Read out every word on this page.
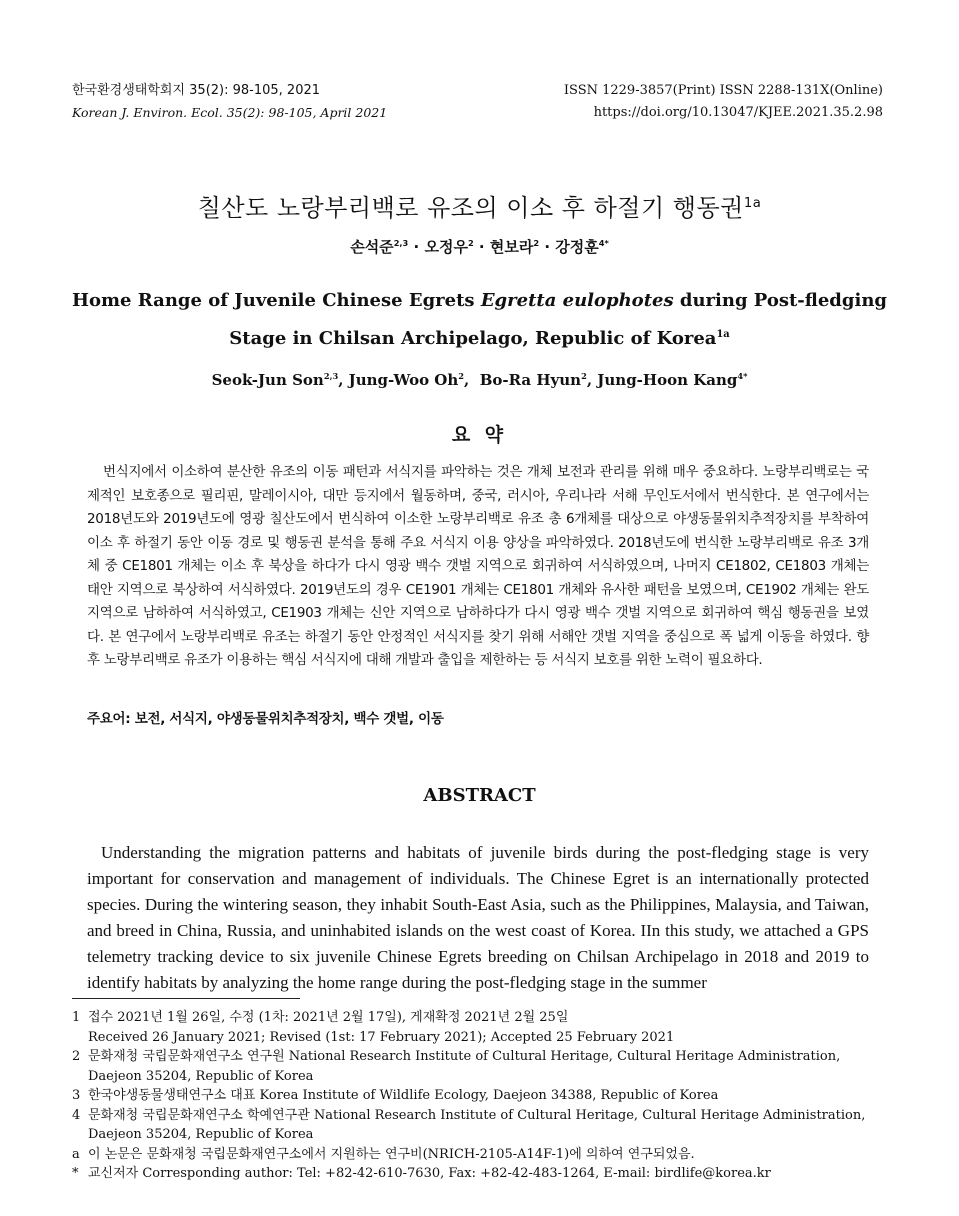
한국환경생태학회지 35(2): 98-105, 2021
Korean J. Environ. Ecol. 35(2): 98-105, April 2021
ISSN 1229-3857(Print) ISSN 2288-131X(Online)
https://doi.org/10.13047/KJEE.2021.35.2.98
칠산도 노랑부리백로 유조의 이소 후 하절기 행동권$^{1a}$
손석준$^{2,3}$ · 오정우$^2$ · 현보라$^2$ · 강정훈$^{4*}$
Home Range of Juvenile Chinese Egrets Egretta eulophotes during Post-fledging Stage in Chilsan Archipelago, Republic of Korea$^{1a}$
Seok-Jun Son$^{2,3}$, Jung-Woo Oh$^2$,  Bo-Ra Hyun$^2$, Jung-Hoon Kang$^{4*}$
요 약
번식지에서 이소하여 분산한 유조의 이동 패턴과 서식지를 파악하는 것은 개체 보전과 관리를 위해 매우 중요하다. 노랑부리백로는 국제적인 보호종으로 필리핀, 말레이시아, 대만 등지에서 월동하며, 중국, 러시아, 우리나라 서해 무인도서에서 번식한다. 본 연구에서는 2018년도와 2019년도에 영광 칠산도에서 번식하여 이소한 노랑부리백로 유조 총 6개체를 대상으로 야생동물위치추적장치를 부착하여 이소 후 하절기 동안 이동 경로 및 행동권 분석을 통해 주요 서식지 이용 양상을 파악하였다. 2018년도에 번식한 노랑부리백로 유조 3개체 중 CE1801 개체는 이소 후 북상을 하다가 다시 영광 백수 갯벌 지역으로 회귀하여 서식하였으며, 나머지 CE1802, CE1803 개체는 태안 지역으로 북상하여 서식하였다. 2019년도의 경우 CE1901 개체는 CE1801 개체와 유사한 패턴을 보였으며, CE1902 개체는 완도 지역으로 남하하여 서식하였고, CE1903 개체는 신안 지역으로 남하하다가 다시 영광 백수 갯벌 지역으로 회귀하여 핵심 행동권을 보였다. 본 연구에서 노랑부리백로 유조는 하절기 동안 안정적인 서식지를 찾기 위해 서해안 갯벌 지역을 중심으로 폭 넓게 이동을 하였다. 향후 노랑부리백로 유조가 이용하는 핵심 서식지에 대해 개발과 출입을 제한하는 등 서식지 보호를 위한 노력이 필요하다.
주요어: 보전, 서식지, 야생동물위치추적장치, 백수 갯벌, 이동
ABSTRACT
Understanding the migration patterns and habitats of juvenile birds during the post-fledging stage is very important for conservation and management of individuals. The Chinese Egret is an internationally protected species. During the wintering season, they inhabit South-East Asia, such as the Philippines, Malaysia, and Taiwan, and breed in China, Russia, and uninhabited islands on the west coast of Korea. IIn this study, we attached a GPS telemetry tracking device to six juvenile Chinese Egrets breeding on Chilsan Archipelago in 2018 and 2019 to identify habitats by analyzing the home range during the post-fledging stage in the summer
1 접수 2021년 1월 26일, 수정 (1차: 2021년 2월 17일), 게재확정 2021년 2월 25일
Received 26 January 2021; Revised (1st: 17 February 2021); Accepted 25 February 2021
2 문화재청 국립문화재연구소 연구원 National Research Institute of Cultural Heritage, Cultural Heritage Administration, Daejeon 35204, Republic of Korea
3 한국야생동물생태연구소 대표 Korea Institute of Wildlife Ecology, Daejeon 34388, Republic of Korea
4 문화재청 국립문화재연구소 학예연구관 National Research Institute of Cultural Heritage, Cultural Heritage Administration, Daejeon 35204, Republic of Korea
a 이 논문은 문화재청 국립문화재연구소에서 지원하는 연구비(NRICH-2105-A14F-1)에 의하여 연구되었음.
* 교신저자 Corresponding author: Tel: +82-42-610-7630, Fax: +82-42-483-1264, E-mail: birdlife@korea.kr
